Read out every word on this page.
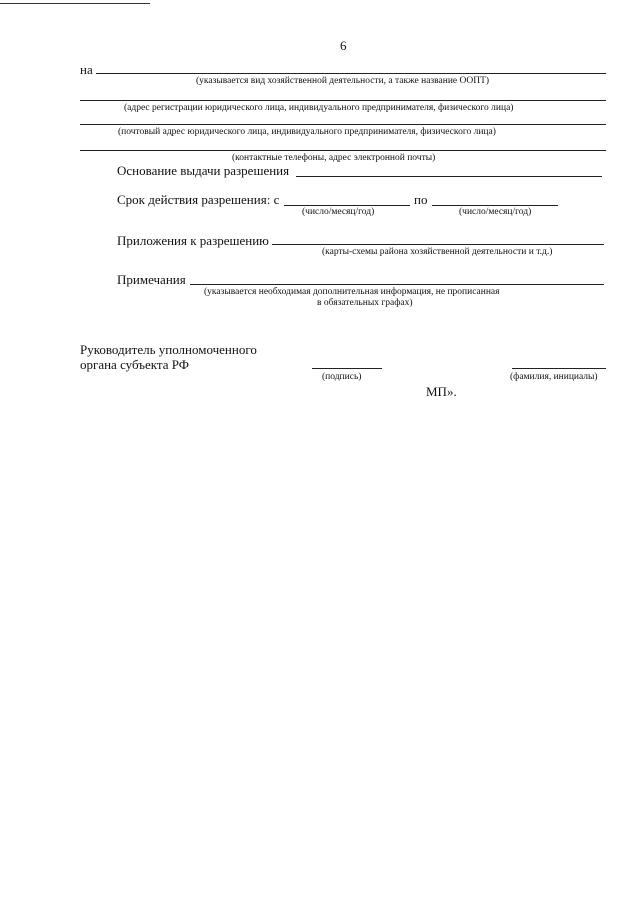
6
на
(указывается вид хозяйственной деятельности, а также название ООПТ)
(адрес регистрации юридического лица, индивидуального предпринимателя, физического лица)
(почтовый адрес юридического лица, индивидуального предпринимателя, физического лица)
(контактные телефоны, адрес электронной почты)
Основание выдачи разрешения
Срок действия разрешения: с	по
(число/месяц/год)	(число/месяц/год)
Приложения к разрешению
(карты-схемы района хозяйственной деятельности и т.д.)
Примечания
(указывается необходимая дополнительная информация, не прописанная
в обязательных графах)
Руководитель уполномоченного
органа субъекта РФ
(подпись)	(фамилия, инициалы)
МП».
